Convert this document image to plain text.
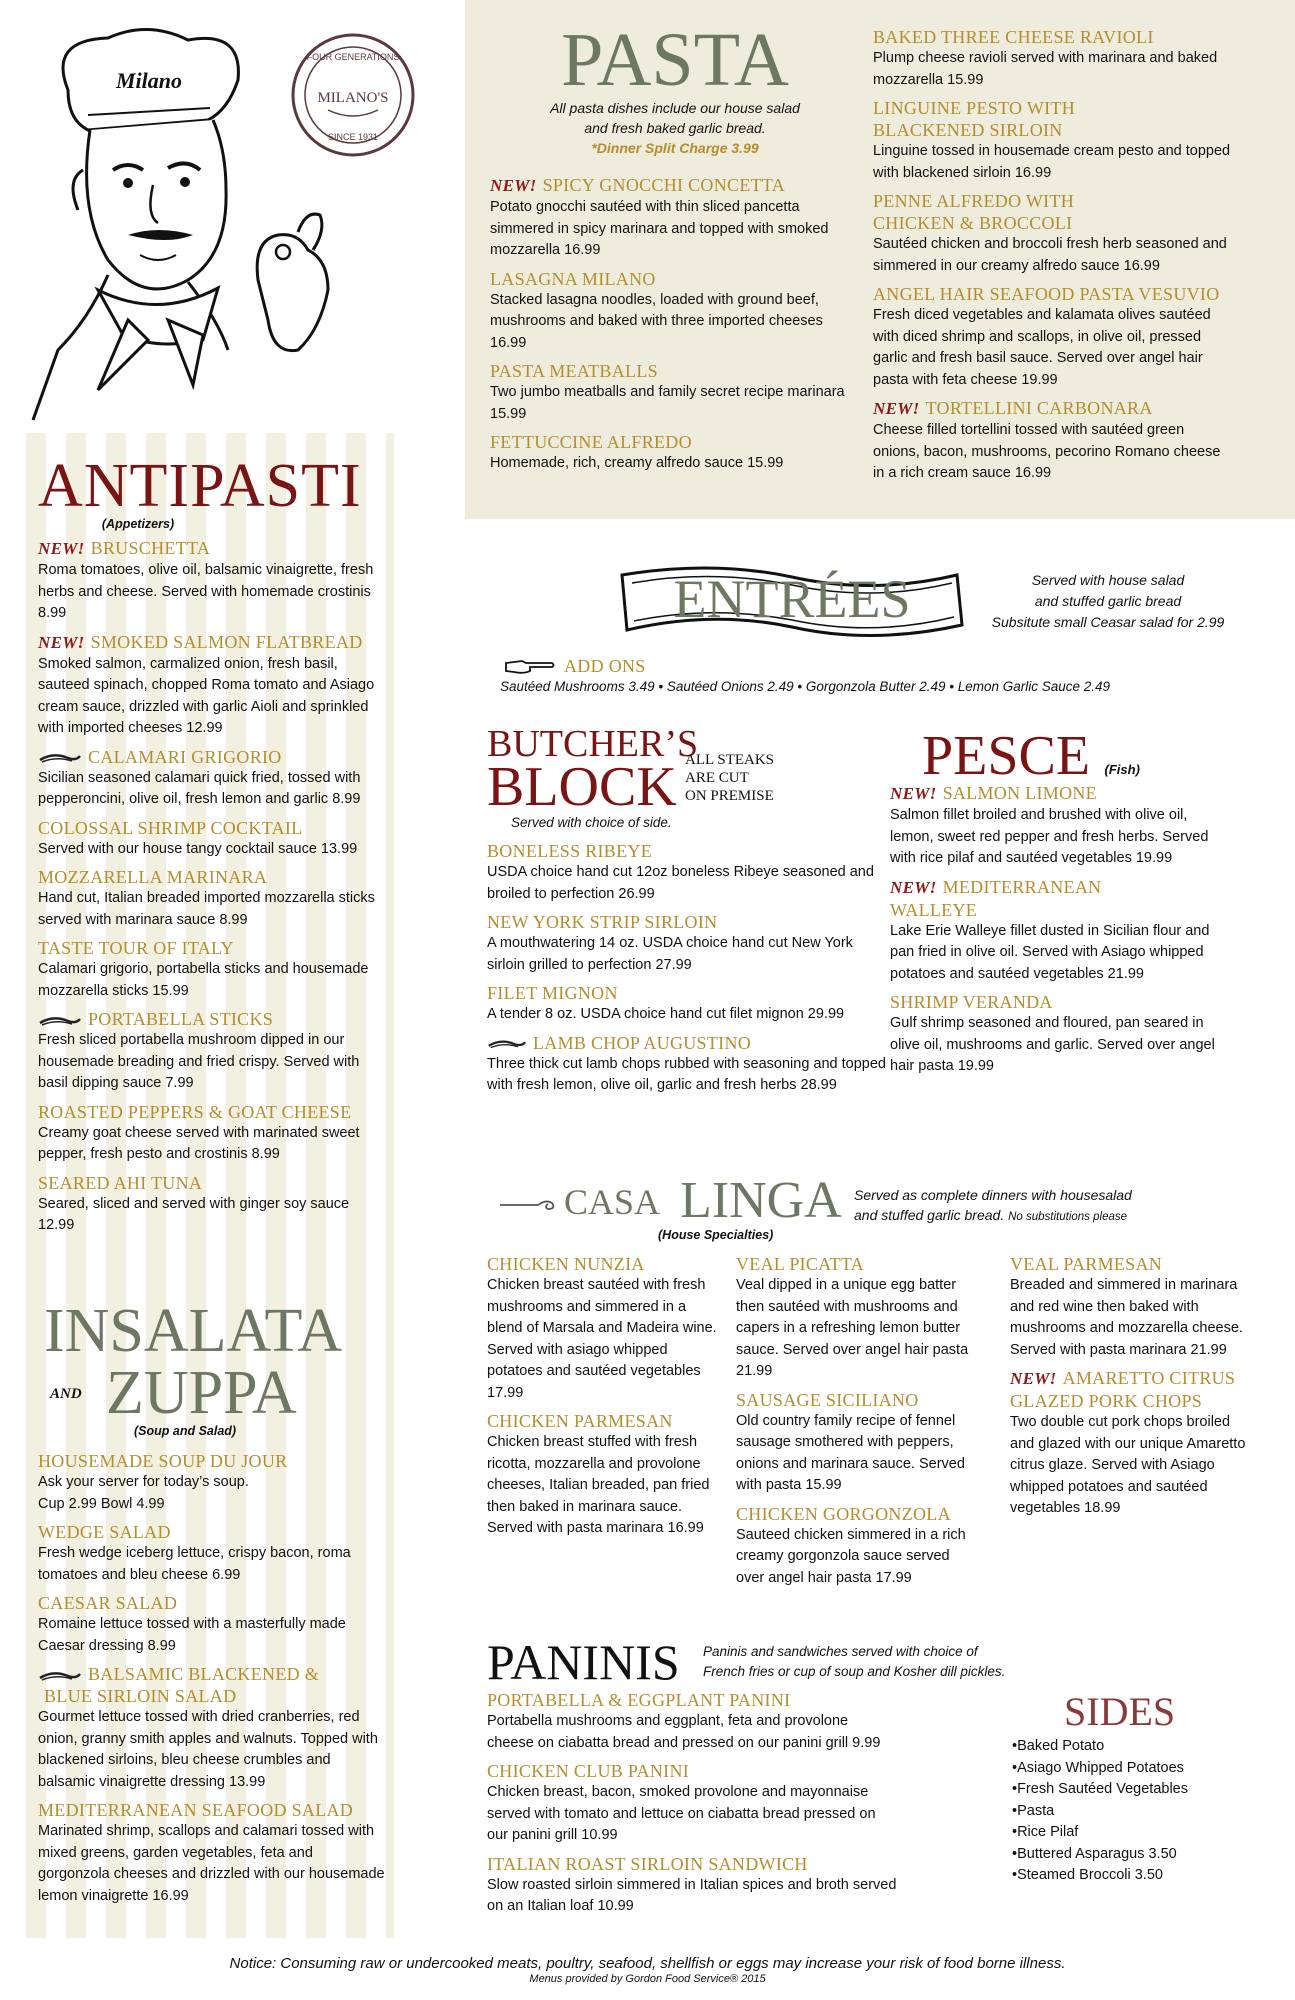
Milano
FOUR GENERATIONS
MILANO'S
SINCE 1931
ANTIPASTI
(Appetizers)
NEW! BRUSCHETTA
Roma tomatoes, olive oil, balsamic vinaigrette, fresh herbs and cheese. Served with homemade crostinis 8.99
NEW! SMOKED SALMON FLATBREAD
Smoked salmon, carmalized onion, fresh basil, sauteed spinach, chopped Roma tomato and Asiago cream sauce, drizzled with garlic Aioli and sprinkled with imported cheeses 12.99
CALAMARI GRIGORIO
Sicilian seasoned calamari quick fried, tossed with pepperoncini, olive oil, fresh lemon and garlic 8.99
COLOSSAL SHRIMP COCKTAIL
Served with our house tangy cocktail sauce 13.99
MOZZARELLA MARINARA
Hand cut, Italian breaded imported mozzarella sticks served with marinara sauce 8.99
TASTE TOUR OF ITALY
Calamari grigorio, portabella sticks and housemade mozzarella sticks 15.99
PORTABELLA STICKS
Fresh sliced portabella mushroom dipped in our housemade breading and fried crispy. Served with basil dipping sauce 7.99
ROASTED PEPPERS & GOAT CHEESE
Creamy goat cheese served with marinated sweet pepper, fresh pesto and crostinis 8.99
SEARED AHI TUNA
Seared, sliced and served with ginger soy sauce 12.99
INSALATA
AND ZUPPA
(Soup and Salad)
HOUSEMADE SOUP DU JOUR
Ask your server for today’s soup.
Cup 2.99 Bowl 4.99
WEDGE SALAD
Fresh wedge iceberg lettuce, crispy bacon, roma tomatoes and bleu cheese 6.99
CAESAR SALAD
Romaine lettuce tossed with a masterfully made Caesar dressing 8.99
BALSAMIC BLACKENED &
BLUE SIRLOIN SALAD
Gourmet lettuce tossed with dried cranberries, red onion, granny smith apples and walnuts. Topped with blackened sirloins, bleu cheese crumbles and balsamic vinaigrette dressing 13.99
MEDITERRANEAN SEAFOOD SALAD
Marinated shrimp, scallops and calamari tossed with mixed greens, garden vegetables, feta and gorgonzola cheeses and drizzled with our housemade lemon vinaigrette 16.99
PASTA
All pasta dishes include our house salad
and fresh baked garlic bread.
*Dinner Split Charge 3.99
NEW! SPICY GNOCCHI CONCETTA
Potato gnocchi sautéed with thin sliced pancetta simmered in spicy marinara and topped with smoked mozzarella 16.99
LASAGNA MILANO
Stacked lasagna noodles, loaded with ground beef, mushrooms and baked with three imported cheeses 16.99
PASTA MEATBALLS
Two jumbo meatballs and family secret recipe marinara 15.99
FETTUCCINE ALFREDO
Homemade, rich, creamy alfredo sauce 15.99
BAKED THREE CHEESE RAVIOLI
Plump cheese ravioli served with marinara and baked mozzarella 15.99
LINGUINE PESTO WITH
BLACKENED SIRLOIN
Linguine tossed in housemade cream pesto and topped with blackened sirloin 16.99
PENNE ALFREDO WITH
CHICKEN & BROCCOLI
Sautéed chicken and broccoli fresh herb seasoned and simmered in our creamy alfredo sauce 16.99
ANGEL HAIR SEAFOOD PASTA VESUVIO
Fresh diced vegetables and kalamata olives sautéed with diced shrimp and scallops, in olive oil, pressed garlic and fresh basil sauce. Served over angel hair pasta with feta cheese 19.99
NEW! TORTELLINI CARBONARA
Cheese filled tortellini tossed with sautéed green onions, bacon, mushrooms, pecorino Romano cheese in a rich cream sauce 16.99
ENTRÉES	Served with house salad
and stuffed garlic bread
Subsitute small Ceasar salad for 2.99
ADD ONS
Sautéed Mushrooms 3.49 • Sautéed Onions 2.49 • Gorgonzola Butter 2.49 • Lemon Garlic Sauce 2.49
BUTCHER’S
BLOCK ALL STEAKS
ARE CUT
ON PREMISE
Served with choice of side.
BONELESS RIBEYE
USDA choice hand cut 12oz boneless Ribeye seasoned and broiled to perfection 26.99
NEW YORK STRIP SIRLOIN
A mouthwatering 14 oz. USDA choice hand cut New York sirloin grilled to perfection 27.99
FILET MIGNON
A tender 8 oz. USDA choice hand cut filet mignon 29.99
LAMB CHOP AUGUSTINO
Three thick cut lamb chops rubbed with seasoning and topped with fresh lemon, olive oil, garlic and fresh herbs 28.99
PESCE (Fish)
NEW! SALMON LIMONE
Salmon fillet broiled and brushed with olive oil, lemon, sweet red pepper and fresh herbs. Served with rice pilaf and sautéed vegetables 19.99
NEW! MEDITERRANEAN
WALLEYE
Lake Erie Walleye fillet dusted in Sicilian flour and pan fried in olive oil. Served with Asiago whipped potatoes and sautéed vegetables 21.99
SHRIMP VERANDA
Gulf shrimp seasoned and floured, pan seared in olive oil, mushrooms and garlic. Served over angel hair pasta 19.99
CASA LINGA
(House Specialties)
Served as complete dinners with housesalad
and stuffed garlic bread. No substitutions please
CHICKEN NUNZIA
Chicken breast sautéed with fresh mushrooms and simmered in a blend of Marsala and Madeira wine. Served with asiago whipped potatoes and sautéed vegetables 17.99
CHICKEN PARMESAN
Chicken breast stuffed with fresh ricotta, mozzarella and provolone cheeses, Italian breaded, pan fried then baked in marinara sauce. Served with pasta marinara 16.99
VEAL PICATTA
Veal dipped in a unique egg batter then sautéed with mushrooms and capers in a refreshing lemon butter sauce. Served over angel hair pasta 21.99
SAUSAGE SICILIANO
Old country family recipe of fennel sausage smothered with peppers, onions and marinara sauce. Served with pasta 15.99
CHICKEN GORGONZOLA
Sauteed chicken simmered in a rich creamy gorgonzola sauce served over angel hair pasta 17.99
VEAL PARMESAN
Breaded and simmered in marinara and red wine then baked with mushrooms and mozzarella cheese. Served with pasta marinara 21.99
NEW! AMARETTO CITRUS
GLAZED PORK CHOPS
Two double cut pork chops broiled and glazed with our unique Amaretto citrus glaze. Served with Asiago whipped potatoes and sautéed vegetables 18.99
PANINIS Paninis and sandwiches served with choice of
French fries or cup of soup and Kosher dill pickles.
PORTABELLA & EGGPLANT PANINI
Portabella mushrooms and eggplant, feta and provolone cheese on ciabatta bread and pressed on our panini grill 9.99
CHICKEN CLUB PANINI
Chicken breast, bacon, smoked provolone and mayonnaise served with tomato and lettuce on ciabatta bread pressed on our panini grill 10.99
ITALIAN ROAST SIRLOIN SANDWICH
Slow roasted sirloin simmered in Italian spices and broth served on an Italian loaf 10.99
SIDES
• Baked Potato
• Asiago Whipped Potatoes
• Fresh Sautéed Vegetables
• Pasta
• Rice Pilaf
• Buttered Asparagus 3.50
• Steamed Broccoli 3.50
Notice: Consuming raw or undercooked meats, poultry, seafood, shellfish or eggs may increase your risk of food borne illness.
Menus provided by Gordon Food Service® 2015
